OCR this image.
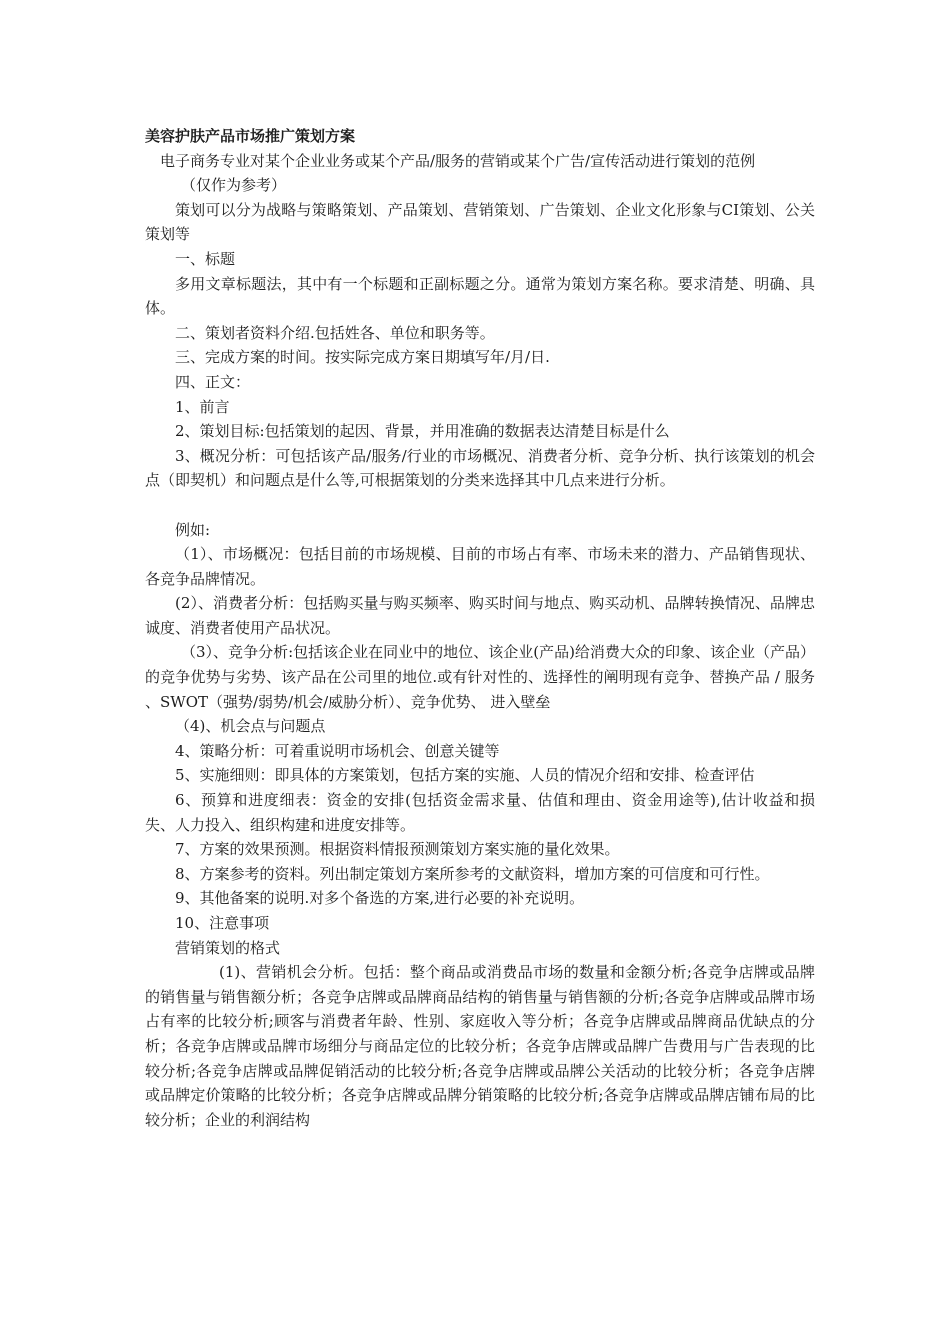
美容护肤产品市场推广策划方案

电子商务专业对某个企业业务或某个产品/服务的营销或某个广告/宣传活动进行策划的范例

（仅作为参考）

策划可以分为战略与策略策划、产品策划、营销策划、广告策划、企业文化形象与CI策划、公关策划等

一、标题

多用文章标题法，其中有一个标题和正副标题之分。通常为策划方案名称。要求清楚、明确、具体。

二、策划者资料介绍.包括姓各、单位和职务等。

三、完成方案的时间。按实际完成方案日期填写年/月/日.

四、正文：

1、前言

2、策划目标:包括策划的起因、背景，并用准确的数据表达清楚目标是什么

3、概况分析：可包括该产品/服务/行业的市场概况、消费者分析、竞争分析、执行该策划的机会点（即契机）和问题点是什么等,可根据策划的分类来选择其中几点来进行分析。

例如:

（1）、市场概况：包括目前的市场规模、目前的市场占有率、市场未来的潜力、产品销售现状、各竞争品牌情况。

(2）、消费者分析：包括购买量与购买频率、购买时间与地点、购买动机、品牌转换情况、品牌忠诚度、消费者使用产品状况。

（3）、竞争分析:包括该企业在同业中的地位、该企业(产品)给消费大众的印象、该企业（产品）的竞争优势与劣势、该产品在公司里的地位.或有针对性的、选择性的阐明现有竞争、替换产品 / 服务 、SWOT（强势/弱势/机会/威胁分析）、竞争优势、 进入壁垒

（4)、机会点与问题点

4、策略分析：可着重说明市场机会、创意关键等

5、实施细则：即具体的方案策划，包括方案的实施、人员的情况介绍和安排、检查评估

6、预算和进度细表：资金的安排(包括资金需求量、估值和理由、资金用途等),估计收益和损失、人力投入、组织构建和进度安排等。

7、方案的效果预测。根据资料情报预测策划方案实施的量化效果。

8、方案参考的资料。列出制定策划方案所参考的文献资料，增加方案的可信度和可行性。

9、其他备案的说明.对多个备选的方案,进行必要的补充说明。

10、注意事项

营销策划的格式

(1)、营销机会分析。包括：整个商品或消费品市场的数量和金额分析;各竞争店牌或品牌的销售量与销售额分析；各竞争店牌或品牌商品结构的销售量与销售额的分析;各竞争店牌或品牌市场占有率的比较分析;顾客与消费者年龄、性别、家庭收入等分析；各竞争店牌或品牌商品优缺点的分析；各竞争店牌或品牌市场细分与商品定位的比较分析；各竞争店牌或品牌广告费用与广告表现的比较分析;各竞争店牌或品牌促销活动的比较分析;各竞争店牌或品牌公关活动的比较分析；各竞争店牌或品牌定价策略的比较分析；各竞争店牌或品牌分销策略的比较分析;各竞争店牌或品牌店铺布局的比较分析；企业的利润结构
